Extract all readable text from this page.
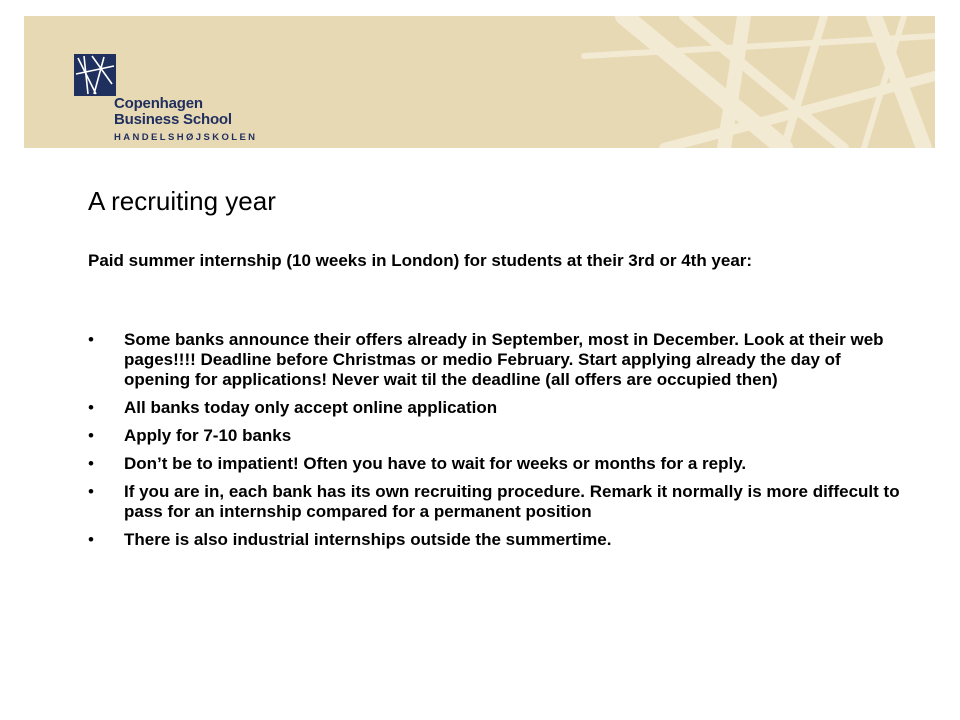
Copenhagen
Business School
HANDELSHØJSKOLEN
A recruiting year
Paid summer internship (10 weeks in London) for students at their 3rd or 4th year:
• Some banks announce their offers already in September, most in December. Look at their web pages!!!! Deadline before Christmas or medio February. Start applying already the day of opening for applications! Never wait til the deadline (all offers are occupied then)
• All banks today only accept online application
• Apply for 7-10 banks
• Don’t be to impatient! Often you have to wait for weeks or months for a reply.
• If you are in, each bank has its own recruiting procedure. Remark it normally is more diffecult to pass for an internship compared for a permanent position
• There is also industrial internships outside the summertime.
